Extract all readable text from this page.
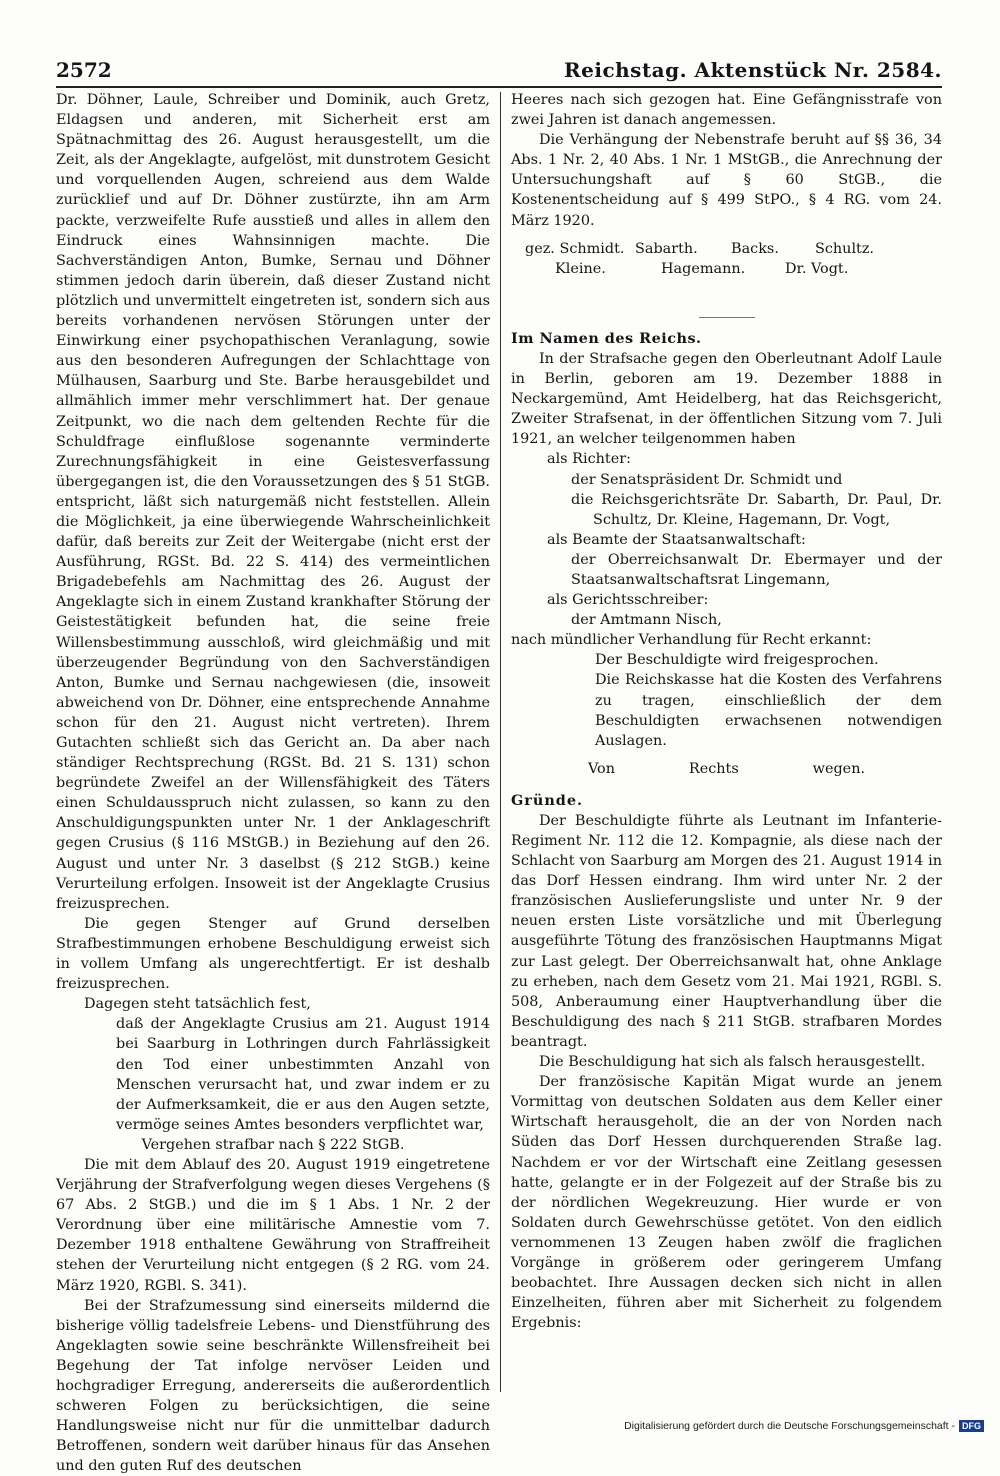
2572	Reichstag. Aktenstück Nr. 2584.

Dr. Döhner, Laule, Schreiber und Dominik, auch Gretz, Eldagsen und anderen, mit Sicherheit erst am Spätnachmittag des 26. August herausgestellt, um die Zeit, als der Angeklagte, aufgelöst, mit dunstrotem Gesicht und vorquellenden Augen, schreiend aus dem Walde zurücklief und auf Dr. Döhner zustürzte, ihn am Arm packte, verzweifelte Rufe ausstieß und alles in allem den Eindruck eines Wahnsinnigen machte. Die Sachverständigen Anton, Bumke, Sernau und Döhner stimmen jedoch darin überein, daß dieser Zustand nicht plötzlich und unvermittelt eingetreten ist, sondern sich aus bereits vorhandenen nervösen Störungen unter der Einwirkung einer psychopathischen Veranlagung, sowie aus den besonderen Aufregungen der Schlachttage von Mülhausen, Saarburg und Ste. Barbe herausgebildet und allmählich immer mehr verschlimmert hat. Der genaue Zeitpunkt, wo die nach dem geltenden Rechte für die Schuldfrage einflußlose sogenannte verminderte Zurechnungsfähigkeit in eine Geistesverfassung übergegangen ist, die den Voraussetzungen des § 51 StGB. entspricht, läßt sich naturgemäß nicht feststellen. Allein die Möglichkeit, ja eine überwiegende Wahrscheinlichkeit dafür, daß bereits zur Zeit der Weitergabe (nicht erst der Ausführung, RGSt. Bd. 22 S. 414) des vermeintlichen Brigadebefehls am Nachmittag des 26. August der Angeklagte sich in einem Zustand krankhafter Störung der Geistestätigkeit befunden hat, die seine freie Willensbestimmung ausschloß, wird gleichmäßig und mit überzeugender Begründung von den Sachverständigen Anton, Bumke und Sernau nachgewiesen (die, insoweit abweichend von Dr. Döhner, eine entsprechende Annahme schon für den 21. August nicht vertreten). Ihrem Gutachten schließt sich das Gericht an. Da aber nach ständiger Rechtsprechung (RGSt. Bd. 21 S. 131) schon begründete Zweifel an der Willensfähigkeit des Täters einen Schuldausspruch nicht zulassen, so kann zu den Anschuldigungspunkten unter Nr. 1 der Anklageschrift gegen Crusius (§ 116 MStGB.) in Beziehung auf den 26. August und unter Nr. 3 daselbst (§ 212 StGB.) keine Verurteilung erfolgen. Insoweit ist der Angeklagte Crusius freizusprechen.

Die gegen Stenger auf Grund derselben Strafbestimmungen erhobene Beschuldigung erweist sich in vollem Umfang als ungerechtfertigt. Er ist deshalb freizusprechen.

Dagegen steht tatsächlich fest,

daß der Angeklagte Crusius am 21. August 1914 bei Saarburg in Lothringen durch Fahrlässigkeit den Tod einer unbestimmten Anzahl von Menschen verursacht hat, und zwar indem er zu der Aufmerksamkeit, die er aus den Augen setzte, vermöge seines Amtes besonders verpflichtet war,

Vergehen strafbar nach § 222 StGB.

Die mit dem Ablauf des 20. August 1919 eingetretene Verjährung der Strafverfolgung wegen dieses Vergehens (§ 67 Abs. 2 StGB.) und die im § 1 Abs. 1 Nr. 2 der Verordnung über eine militärische Amnestie vom 7. Dezember 1918 enthaltene Gewährung von Straffreiheit stehen der Verurteilung nicht entgegen (§ 2 RG. vom 24. März 1920, RGBl. S. 341).

Bei der Strafzumessung sind einerseits mildernd die bisherige völlig tadelsfreie Lebens- und Dienstführung des Angeklagten sowie seine beschränkte Willensfreiheit bei Begehung der Tat infolge nervöser Leiden und hochgradiger Erregung, andererseits die außerordentlich schweren Folgen zu berücksichtigen, die seine Handlungsweise nicht nur für die unmittelbar dadurch Betroffenen, sondern weit darüber hinaus für das Ansehen und den guten Ruf des deutschen

Heeres nach sich gezogen hat. Eine Gefängnisstrafe von zwei Jahren ist danach angemessen.

Die Verhängung der Nebenstrafe beruht auf §§ 36, 34 Abs. 1 Nr. 2, 40 Abs. 1 Nr. 1 MStGB., die Anrechnung der Untersuchungshaft auf § 60 StGB., die Kostenentscheidung auf § 499 StPO., § 4 RG. vom 24. März 1920.

gez. Schmidt. Sabarth.	Backs.	Schultz.

Kleine.	Hagemann.	Dr. Vogt.

Im Namen des Reichs.

In der Strafsache gegen den Oberleutnant Adolf Laule in Berlin, geboren am 19. Dezember 1888 in Neckargemünd, Amt Heidelberg, hat das Reichsgericht, Zweiter Strafsenat, in der öffentlichen Sitzung vom 7. Juli 1921, an welcher teilgenommen haben

als Richter:

der Senatspräsident Dr. Schmidt und

die Reichsgerichtsräte Dr. Sabarth, Dr. Paul, Dr. Schultz, Dr. Kleine, Hagemann, Dr. Vogt,

als Beamte der Staatsanwaltschaft:

der Oberreichsanwalt Dr. Ebermayer und der Staatsanwaltschaftsrat Lingemann,

als Gerichtsschreiber:

der Amtmann Nisch,

nach mündlicher Verhandlung für Recht erkannt:

Der Beschuldigte wird freigesprochen.

Die Reichskasse hat die Kosten des Verfahrens zu tragen, einschließlich der dem Beschuldigten erwachsenen notwendigen Auslagen.

Von	Rechts	wegen.

Gründe.

Der Beschuldigte führte als Leutnant im Infanterie-Regiment Nr. 112 die 12. Kompagnie, als diese nach der Schlacht von Saarburg am Morgen des 21. August 1914 in das Dorf Hessen eindrang. Ihm wird unter Nr. 2 der französischen Auslieferungsliste und unter Nr. 9 der neuen ersten Liste vorsätzliche und mit Überlegung ausgeführte Tötung des französischen Hauptmanns Migat zur Last gelegt. Der Oberreichsanwalt hat, ohne Anklage zu erheben, nach dem Gesetz vom 21. Mai 1921, RGBl. S. 508, Anberaumung einer Hauptverhandlung über die Beschuldigung des nach § 211 StGB. strafbaren Mordes beantragt.

Die Beschuldigung hat sich als falsch herausgestellt.

Der französische Kapitän Migat wurde an jenem Vormittag von deutschen Soldaten aus dem Keller einer Wirtschaft herausgeholt, die an der von Norden nach Süden das Dorf Hessen durchquerenden Straße lag. Nachdem er vor der Wirtschaft eine Zeitlang gesessen hatte, gelangte er in der Folgezeit auf der Straße bis zu der nördlichen Wegekreuzung. Hier wurde er von Soldaten durch Gewehrschüsse getötet. Von den eidlich vernommenen 13 Zeugen haben zwölf die fraglichen Vorgänge in größerem oder geringerem Umfang beobachtet. Ihre Aussagen decken sich nicht in allen Einzelheiten, führen aber mit Sicherheit zu folgendem Ergebnis:

Digitalisierung gefördert durch die Deutsche Forschungsgemeinschaft - DFG
